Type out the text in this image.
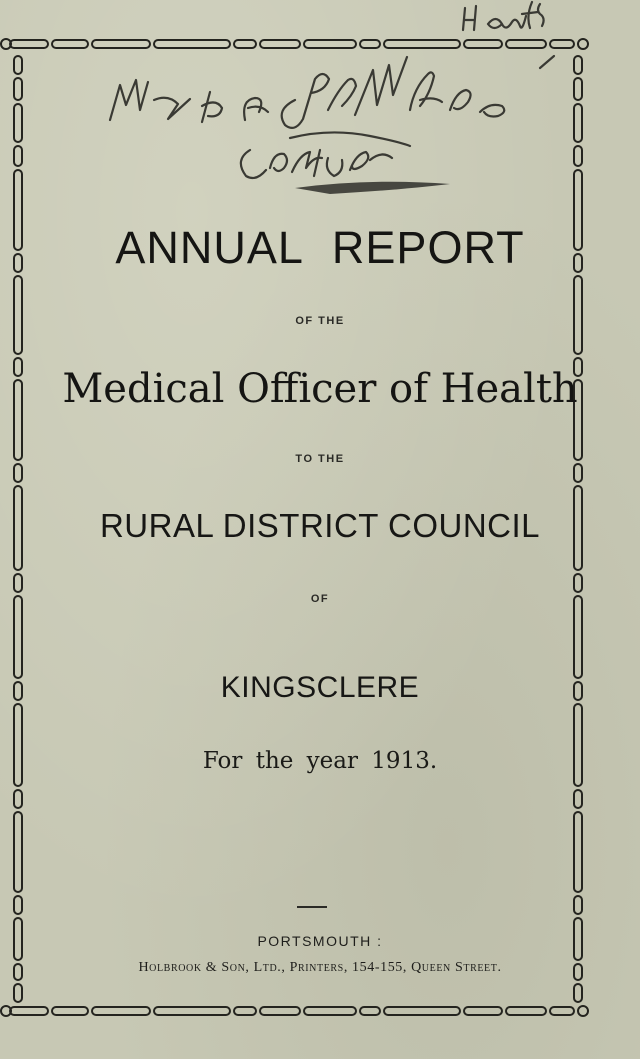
ANNUAL REPORT
OF THE
Medical Officer of Health
TO THE
RURAL DISTRICT COUNCIL
OF
KINGSCLERE
For the year 1913.
PORTSMOUTH :
Holbrook & Son, Ltd., Printers, 154-155, Queen Street.
